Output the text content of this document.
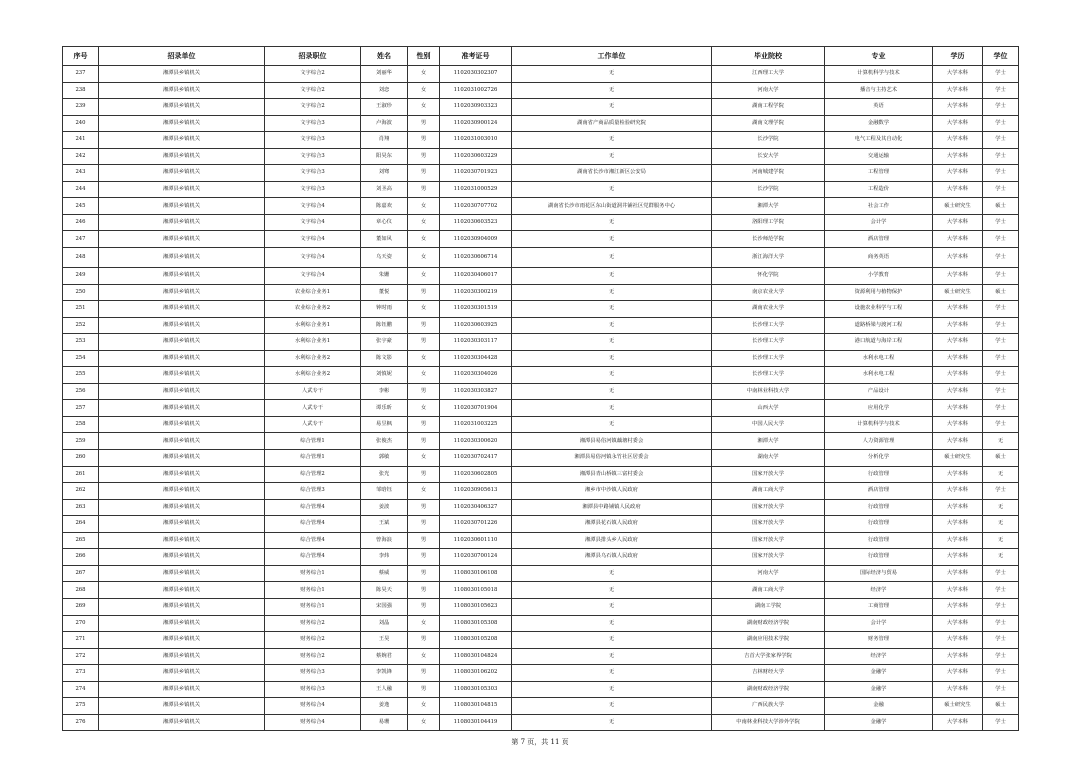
序号	招录单位	招录职位	姓名	性别	准考证号	工作单位	毕业院校	专业	学历	学位	
237	湘潭县乡镇机关	文字综合2	刘丽华	女	1102030302307	无	江西理工大学	计算机科学与技术	大学本科	学士	
238	湘潭县乡镇机关	文字综合2	刘恋	女	1102031002726	无	河南大学	播音与主持艺术	大学本科	学士	
239	湘潭县乡镇机关	文字综合2	王淑珍	女	1102030903323	无	湖南工程学院	英语	大学本科	学士	
240	湘潭县乡镇机关	文字综合3	卢海波	男	1102030900124	湖南省产商品质量检验研究院	湖南文理学院	金融数学	大学本科	学士	
241	湘潭县乡镇机关	文字综合3	肖翔	男	1102031003010	无	长沙学院	电气工程及其自动化	大学本科	学士	
242	湘潭县乡镇机关	文字综合3	阳昊东	男	1102030603229	无	长安大学	交通运输	大学本科	学士	
243	湘潭县乡镇机关	文字综合3	刘骞	男	1102030701923	湖南省长沙市湘江新区公安局	河南城建学院	工程管理	大学本科	学士	
244	湘潭县乡镇机关	文字综合3	刘圣高	男	1102031000529	无	长沙学院	工程造价	大学本科	学士	
245	湘潭县乡镇机关	文字综合4	陈嘉欢	女	1102030707702	湖南省长沙市雨花区东山街道洞井铺社区党群服务中心	湘潭大学	社会工作	硕士研究生	硕士	
246	湘潭县乡镇机关	文字综合4	章心仪	女	1102030603523	无	洛阳理工学院	会计学	大学本科	学士	
247	湘潭县乡镇机关	文字综合4	董如风	女	1102030904009	无	长沙师范学院	酒店管理	大学本科	学士	
248	湘潭县乡镇机关	文字综合4	乌天姿	女	1102030606714	无	浙江海洋大学	商务英语	大学本科	学士	
249	湘潭县乡镇机关	文字综合4	朱姗	女	1102030406017	无	怀化学院	小学教育	大学本科	学士	
250	湘潭县乡镇机关	农业综合业务1	董悦	男	1102030300219	无	南京农业大学	资源利用与植物保护	硕士研究生	硕士	
251	湘潭县乡镇机关	农业综合业务2	钟时雨	女	1102030301519	无	湖南农业大学	设施农业科学与工程	大学本科	学士	
252	湘潭县乡镇机关	水利综合业务1	陈钰鹏	男	1102030603925	无	长沙理工大学	道路桥梁与渡河工程	大学本科	学士	
253	湘潭县乡镇机关	水利综合业务1	张宇豪	男	1102030303117	无	长沙理工大学	港口航道与海岸工程	大学本科	学士	
254	湘潭县乡镇机关	水利综合业务2	陈文影	女	1102030304428	无	长沙理工大学	水利水电工程	大学本科	学士	
255	湘潭县乡镇机关	水利综合业务2	刘慎妮	女	1102030304026	无	长沙理工大学	水利水电工程	大学本科	学士	
256	湘潭县乡镇机关	人武专干	李彬	男	1102030303827	无	中南林业科技大学	产品设计	大学本科	学士	
257	湘潭县乡镇机关	人武专干	谭乐昕	女	1102030701904	无	山西大学	应用化学	大学本科	学士	
258	湘潭县乡镇机关	人武专干	易昱枫	男	1102031003225	无	中国人民大学	计算机科学与技术	大学本科	学士	
259	湘潭县乡镇机关	综合管理1	张俊杰	男	1102030300620	湘潭县易俗河镇藕塘村委会	湘潭大学	人力资源管理	大学本科	无	
260	湘潭县乡镇机关	综合管理1	郭敏	女	1102030702417	湘潭县易俗河镇永竹社区居委会	湖南大学	分析化学	硕士研究生	硕士	
261	湘潭县乡镇机关	综合管理2	张光	男	1102030602805	湘潭县青山桥镇三富村委会	国家开放大学	行政管理	大学本科	无	
262	湘潭县乡镇机关	综合管理3	邹晗钰	女	1102030905613	湘乡市中沙镇人民政府	湖南工商大学	酒店管理	大学本科	学士	
263	湘潭县乡镇机关	综合管理4	姜波	男	1102030406327	湘潭县中路铺镇人民政府	国家开放大学	行政管理	大学本科	无	
264	湘潭县乡镇机关	综合管理4	王斌	男	1102030701226	湘潭县花石镇人民政府	国家开放大学	行政管理	大学本科	无	
265	湘潭县乡镇机关	综合管理4	曾海浪	男	1102030601110	湘潭县排头乡人民政府	国家开放大学	行政管理	大学本科	无	
266	湘潭县乡镇机关	综合管理4	李炜	男	1102030700124	湘潭县乌石镇人民政府	国家开放大学	行政管理	大学本科	无	
267	湘潭县乡镇机关	财务综合1	蔡威	男	1108030106108	无	河南大学	国际经济与贸易	大学本科	学士	
268	湘潭县乡镇机关	财务综合1	陈昊天	男	1108030105018	无	湖南工商大学	经济学	大学本科	学士	
269	湘潭县乡镇机关	财务综合1	宋国强	男	1108030105623	无	湖南工学院	工商管理	大学本科	学士	
270	湘潭县乡镇机关	财务综合2	刘晶	女	1108030105308	无	湖南财政经济学院	会计学	大学本科	学士	
271	湘潭县乡镇机关	财务综合2	王昊	男	1108030105208	无	湖南应用技术学院	财务管理	大学本科	学士	
272	湘潭县乡镇机关	财务综合2	蔡婉君	女	1108030104824	无	吉首大学张家界学院	经济学	大学本科	学士	
273	湘潭县乡镇机关	财务综合3	李凯锋	男	1108030106202	无	吉林财经大学	金融学	大学本科	学士	
274	湘潭县乡镇机关	财务综合3	王人融	男	1108030105303	无	湖南财政经济学院	金融学	大学本科	学士	
275	湘潭县乡镇机关	财务综合4	姜逸	女	1108030104815	无	广西民族大学	金融	硕士研究生	硕士	
276	湘潭县乡镇机关	财务综合4	易珊	女	1108030104419	无	中南林业科技大学涉外学院	金融学	大学本科	学士	
第 7 页，共 11 页
